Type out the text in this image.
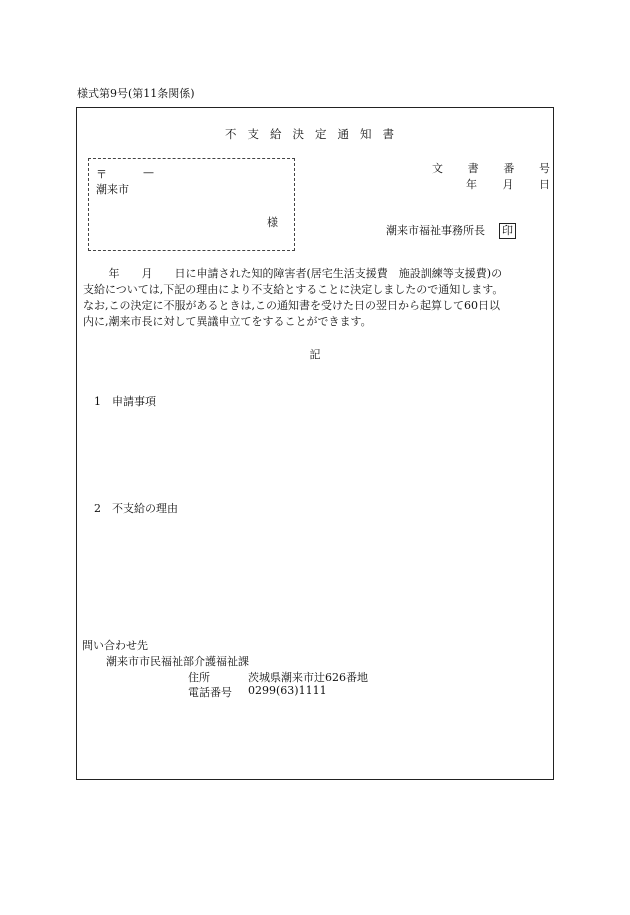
様式第9号(第11条関係)
不支給決定通知書
〒	—
潮来市
様
文 書 番 号
年 月 日
潮来市福祉事務所長 印

　　 年　　月　　日に申請された知的障害者(居宅生活支援費　施設訓練等支援費)の

支給については,下記の理由により不支給とすることに決定しましたので通知します。

なお,この決定に不服があるときは,この通知書を受けた日の翌日から起算して60日以

内に,潮来市長に対して異議申立てをすることができます。

記
1　申請事項
2　不支給の理由
問い合わせ先
潮来市市民福祉部介護福祉課
住所	茨城県潮来市辻626番地
電話番号 0299(63)1111
